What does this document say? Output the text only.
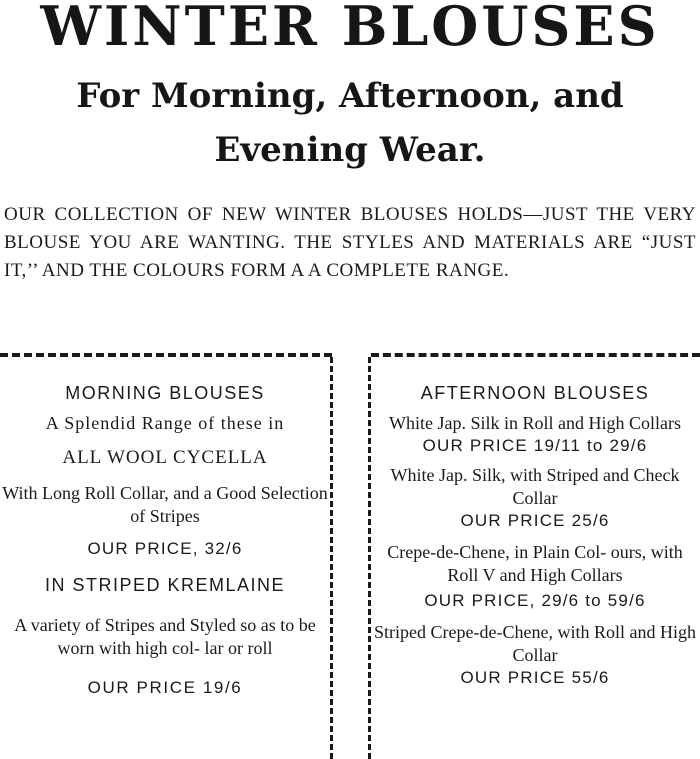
WINTER BLOUSES
For Morning, Afternoon, and
Evening Wear.
OUR COLLECTION OF NEW WINTER BLOUSES HOLDS—JUST THE VERY BLOUSE YOU ARE WANTING. THE STYLES AND MATERIALS ARE “JUST IT,’’ AND THE COLOURS FORM A A COMPLETE RANGE.
MORNING BLOUSES
A Splendid Range of these in
ALL WOOL CYCELLA
With Long Roll Collar, and a Good Selection of Stripes
OUR PRICE, 32/6
IN STRIPED KREMLAINE
A variety of Stripes and Styled so as to be worn with high col- lar or roll
OUR PRICE 19/6
AFTERNOON BLOUSES
White Jap. Silk in Roll and High Collars
OUR PRICE 19/11 to 29/6
White Jap. Silk, with Striped and Check Collar
OUR PRICE 25/6
Crepe-de-Chene, in Plain Col- ours, with Roll V and High Collars
OUR PRICE, 29/6 to 59/6
Striped Crepe-de-Chene, with Roll and High Collar
OUR PRICE 55/6
